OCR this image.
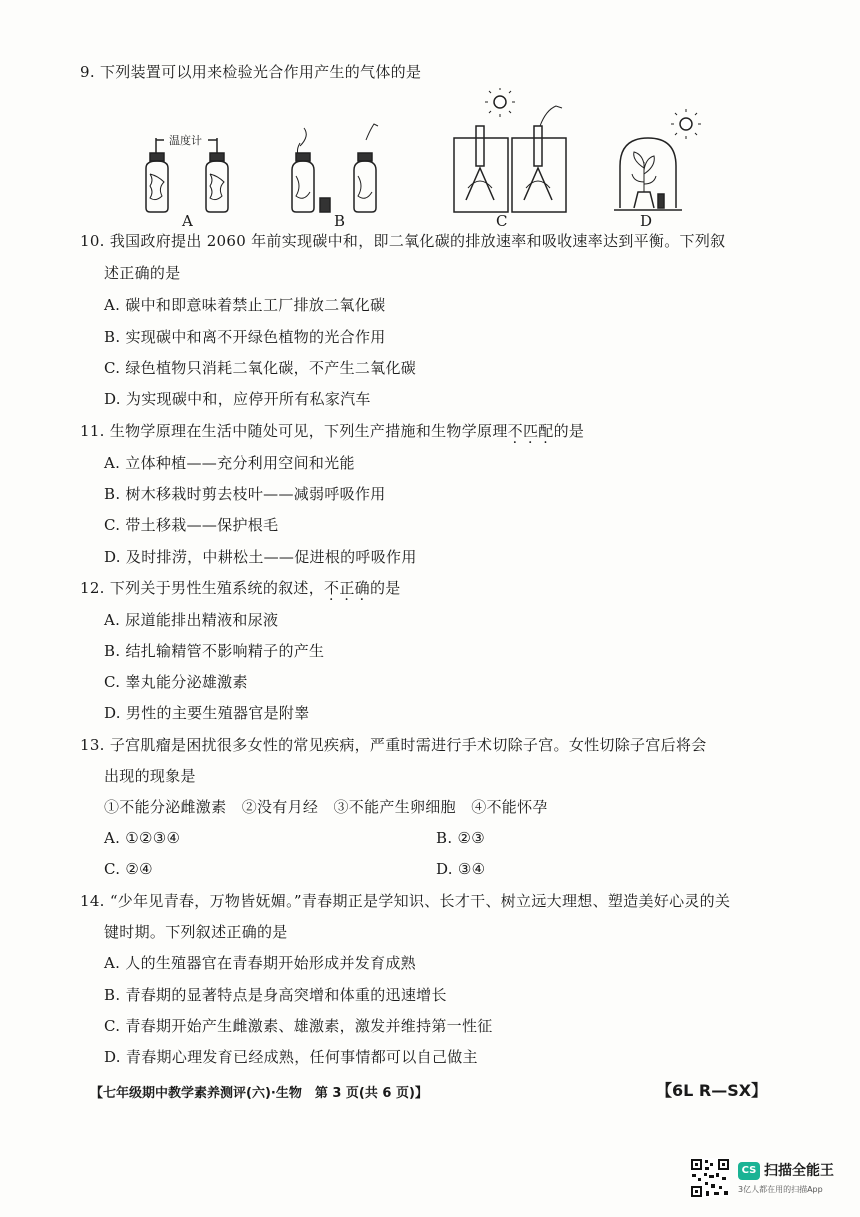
9. 下列装置可以用来检验光合作用产生的气体的是
温度计
A	B	C	D
10. 我国政府提出 2060 年前实现碳中和，即二氧化碳的排放速率和吸收速率达到平衡。下列叙
述正确的是
A. 碳中和即意味着禁止工厂排放二氧化碳
B. 实现碳中和离不开绿色植物的光合作用
C. 绿色植物只消耗二氧化碳，不产生二氧化碳
D. 为实现碳中和，应停开所有私家汽车
11. 生物学原理在生活中随处可见，下列生产措施和生物学原理不匹配的是
A. 立体种植——充分利用空间和光能
B. 树木移栽时剪去枝叶——减弱呼吸作用
C. 带土移栽——保护根毛
D. 及时排涝，中耕松土——促进根的呼吸作用
12. 下列关于男性生殖系统的叙述，不正确的是
A. 尿道能排出精液和尿液
B. 结扎输精管不影响精子的产生
C. 睾丸能分泌雄激素
D. 男性的主要生殖器官是附睾
13. 子宫肌瘤是困扰很多女性的常见疾病，严重时需进行手术切除子宫。女性切除子宫后将会
出现的现象是
①不能分泌雌激素　②没有月经　③不能产生卵细胞　④不能怀孕
A. ①②③④	B. ②③
C. ②④	D. ③④
14. “少年见青春，万物皆妩媚。”青春期正是学知识、长才干、树立远大理想、塑造美好心灵的关
键时期。下列叙述正确的是
A. 人的生殖器官在青春期开始形成并发育成熟
B. 青春期的显著特点是身高突增和体重的迅速增长
C. 青春期开始产生雌激素、雄激素，激发并维持第一性征
D. 青春期心理发育已经成熟，任何事情都可以自己做主
【七年级期中教学素养测评(六)·生物　第 3 页(共 6 页)】	【6L R—SX】
CS 扫描全能王
3亿人都在用的扫描App
